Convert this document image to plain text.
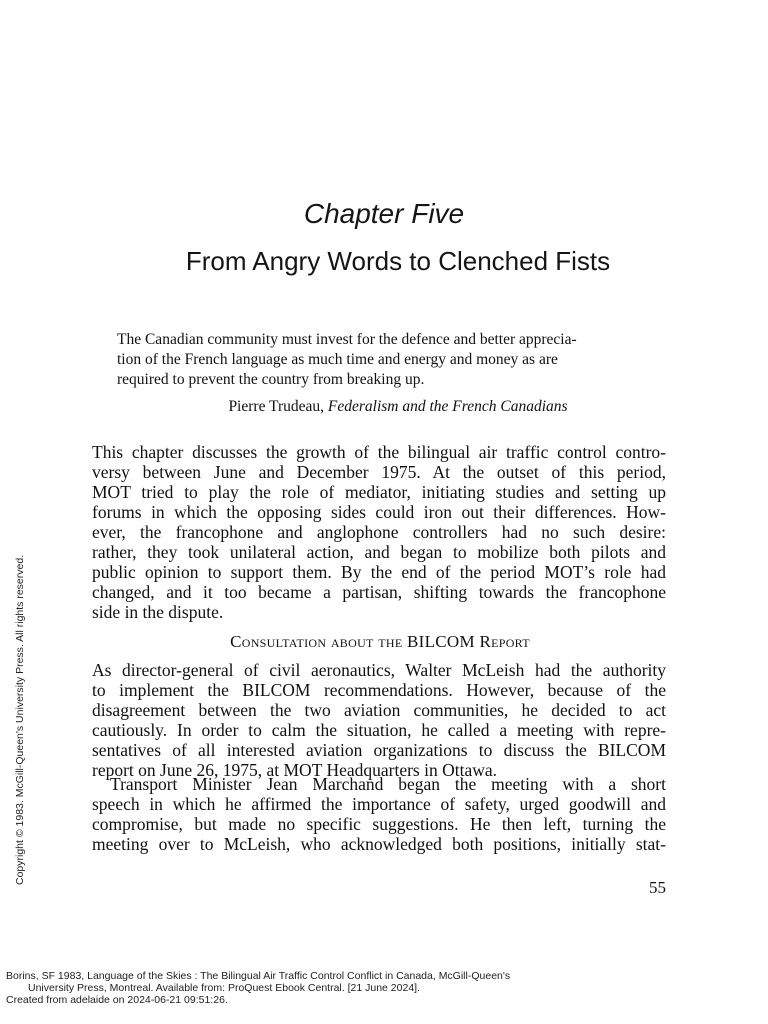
Chapter Five
From Angry Words to Clenched Fists
The Canadian community must invest for the defence and better apprecia-
tion of the French language as much time and energy and money as are
required to prevent the country from breaking up.
Pierre Trudeau, Federalism and the French Canadians
This chapter discusses the growth of the bilingual air traffic control contro-
versy between June and December 1975. At the outset of this period,
MOT tried to play the role of mediator, initiating studies and setting up
forums in which the opposing sides could iron out their differences. How-
ever, the francophone and anglophone controllers had no such desire:
rather, they took unilateral action, and began to mobilize both pilots and
public opinion to support them. By the end of the period MOT’s role had
changed, and it too became a partisan, shifting towards the francophone
side in the dispute.
Consultation about the BILCOM Report
As director-general of civil aeronautics, Walter McLeish had the authority
to implement the BILCOM recommendations. However, because of the
disagreement between the two aviation communities, he decided to act
cautiously. In order to calm the situation, he called a meeting with repre-
sentatives of all interested aviation organizations to discuss the BILCOM
report on June 26, 1975, at MOT Headquarters in Ottawa.
Transport Minister Jean Marchand began the meeting with a short
speech in which he affirmed the importance of safety, urged goodwill and
compromise, but made no specific suggestions. He then left, turning the
meeting over to McLeish, who acknowledged both positions, initially stat-
55
Copyright © 1983. McGill-Queen's University Press. All rights reserved.
Borins, SF 1983, Language of the Skies : The Bilingual Air Traffic Control Conflict in Canada, McGill-Queen's
University Press, Montreal. Available from: ProQuest Ebook Central. [21 June 2024].
Created from adelaide on 2024-06-21 09:51:26.
